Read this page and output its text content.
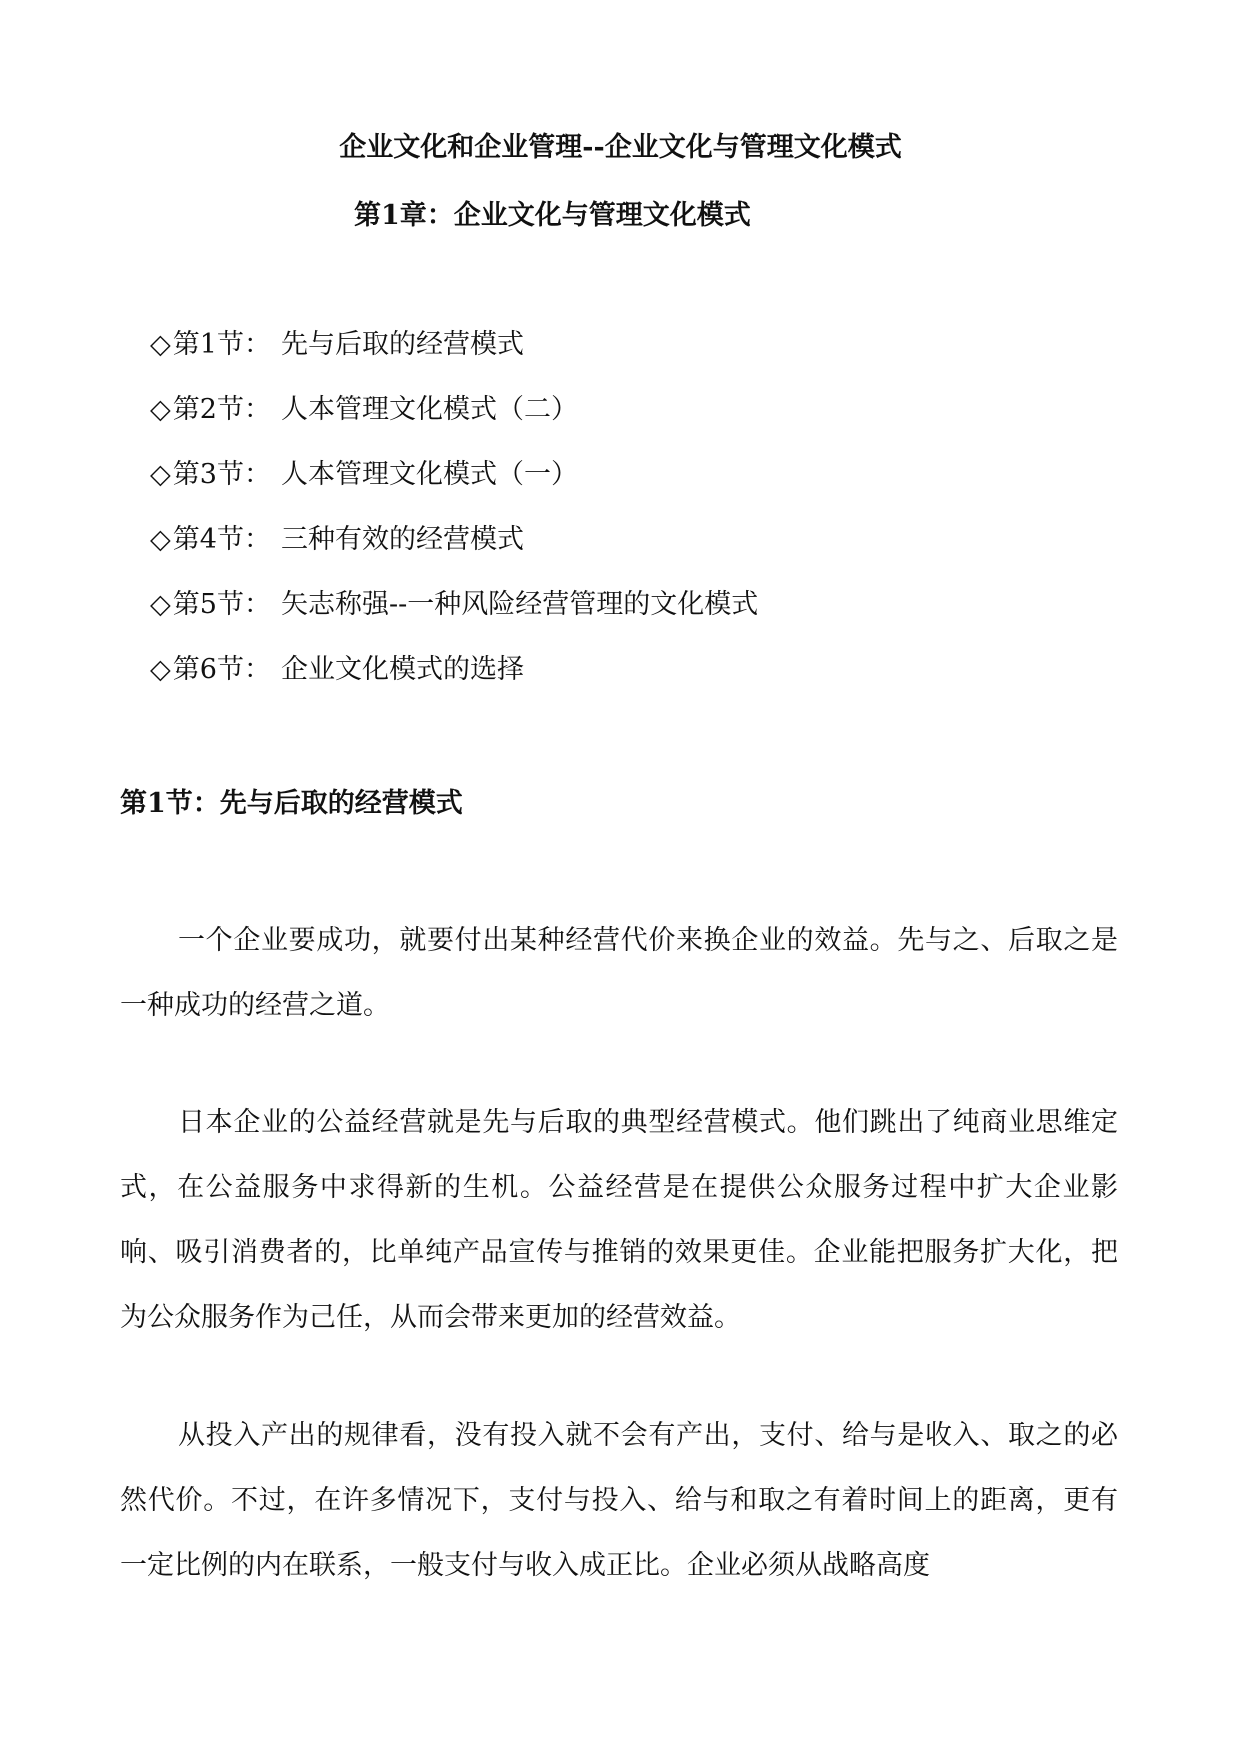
企业文化和企业管理--企业文化与管理文化模式
第1章：企业文化与管理文化模式
◇第1节： 先与后取的经营模式
◇第2节： 人本管理文化模式（二）
◇第3节： 人本管理文化模式（一）
◇第4节： 三种有效的经营模式
◇第5节： 矢志称强--一种风险经营管理的文化模式
◇第6节： 企业文化模式的选择
第1节：先与后取的经营模式

一个企业要成功，就要付出某种经营代价来换企业的效益。先与之、后取之是一种成功的经营之道。

日本企业的公益经营就是先与后取的典型经营模式。他们跳出了纯商业思维定式，在公益服务中求得新的生机。公益经营是在提供公众服务过程中扩大企业影响、吸引消费者的，比单纯产品宣传与推销的效果更佳。企业能把服务扩大化，把为公众服务作为己任，从而会带来更加的经营效益。

从投入产出的规律看，没有投入就不会有产出，支付、给与是收入、取之的必然代价。不过，在许多情况下，支付与投入、给与和取之有着时间上的距离，更有一定比例的内在联系，一般支付与收入成正比。企业必须从战略高度
